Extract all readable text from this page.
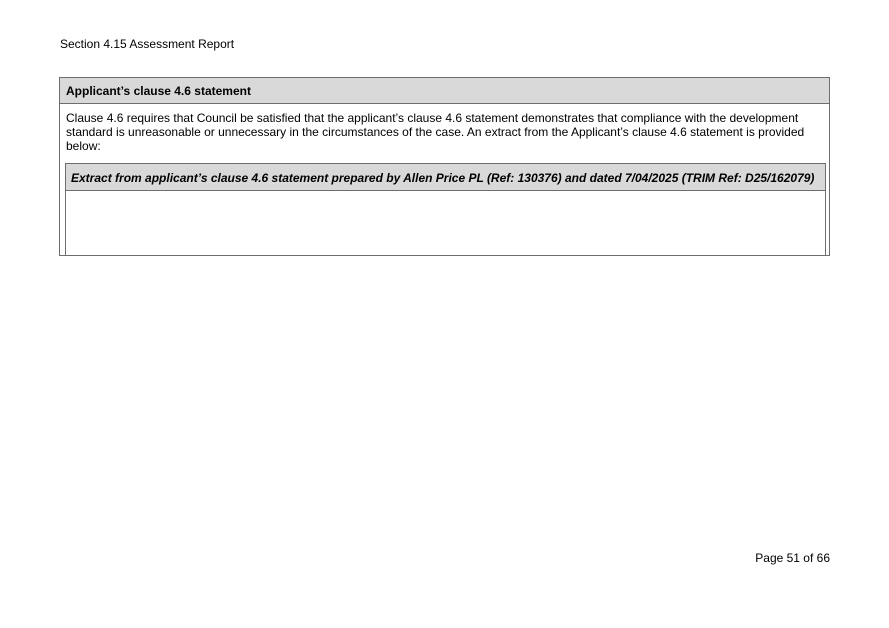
Section 4.15 Assessment Report
Applicant’s clause 4.6 statement

Clause 4.6 requires that Council be satisfied that the applicant’s clause 4.6 statement demonstrates that compliance with the development standard is unreasonable or unnecessary in the circumstances of the case. An extract from the Applicant’s clause 4.6 statement is provided below:

Extract from applicant’s clause 4.6 statement prepared by Allen Price PL (Ref: 130376) and dated 7/04/2025 (TRIM Ref: D25/162079)
Page 51 of 66
